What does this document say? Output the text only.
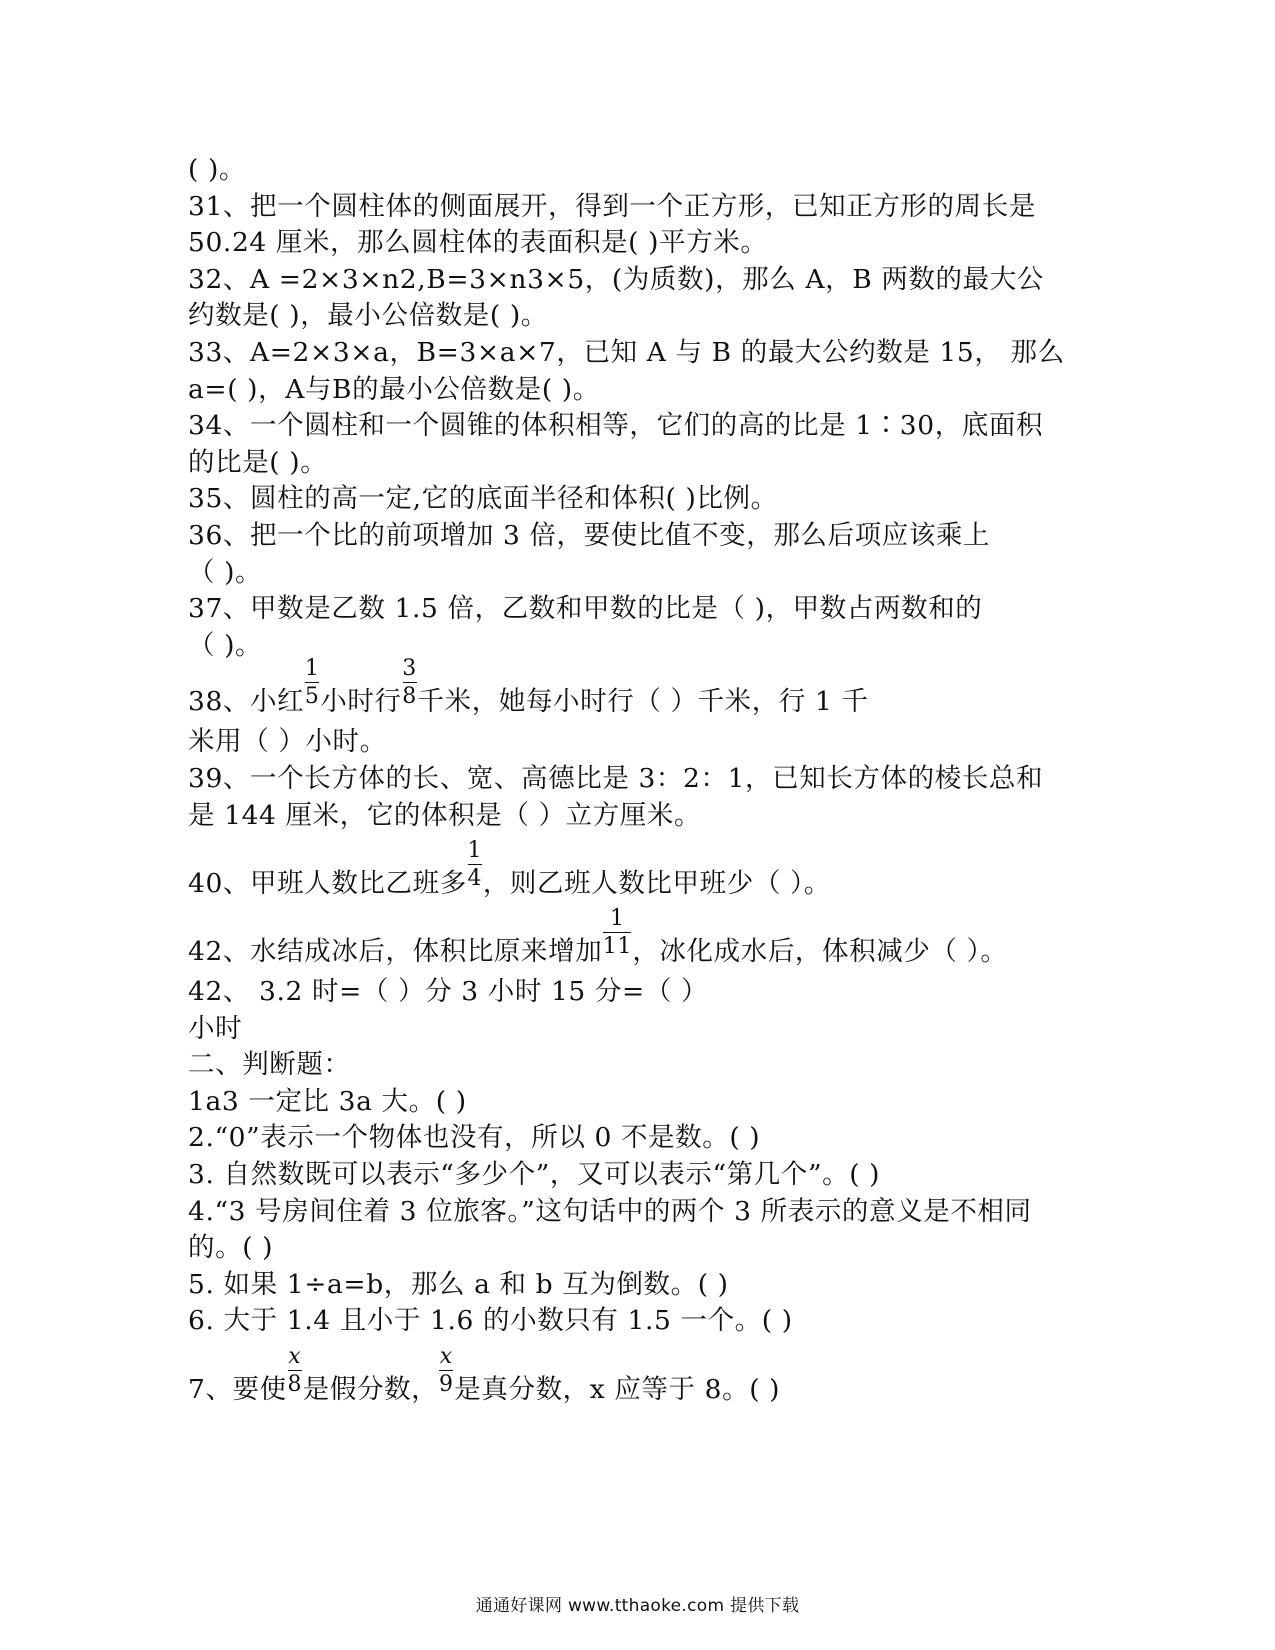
( )。
31、把一个圆柱体的侧面展开，得到一个正方形，已知正方形的周长是
50.24 厘米，那么圆柱体的表面积是( )平方米。
32、A =2×3×n2,B=3×n3×5，(为质数)，那么 A，B 两数的最大公
约数是( )，最小公倍数是( )。
33、A=2×3×a，B=3×a×7，已知 A 与 B 的最大公约数是 15， 那么
a=( )，A与B的最小公倍数是( )。
34、一个圆柱和一个圆锥的体积相等，它们的高的比是 1∶30，底面积
的比是( )。
35、圆柱的高一定,它的底面半径和体积( )比例。
36、把一个比的前项增加 3 倍，要使比值不变，那么后项应该乘上
（ )。
37、甲数是乙数 1.5 倍，乙数和甲数的比是（ )，甲数占两数和的
（ )。
38、小红 $\frac{1}{5}$ 小时行 $\frac{3}{8}$ 千米，她每小时行（ ）千米，行 1 千
米用（ ）小时。
39、一个长方体的长、宽、高德比是 3：2：1，已知长方体的棱长总和
是 144 厘米，它的体积是（ ）立方厘米。
40、甲班人数比乙班多 $\frac{1}{4}$ ，则乙班人数比甲班少（ ）。
42、水结成冰后，体积比原来增加 $\frac{1}{11}$ ，冰化成水后，体积减少（ ）。
42、 3.2 时=（ ）分 3 小时 15 分=（ ）
小时
二、判断题：
1a3 一定比 3a 大。( )
2.“0”表示一个物体也没有，所以 0 不是数。( )
3. 自然数既可以表示“多少个”，又可以表示“第几个”。( )
4.“3 号房间住着 3 位旅客。”这句话中的两个 3 所表示的意义是不相同
的。( )
5. 如果 1÷a=b，那么 a 和 b 互为倒数。( )
6. 大于 1.4 且小于 1.6 的小数只有 1.5 一个。( )
7、要使 $\frac{x}{8}$ 是假分数， $\frac{x}{9}$ 是真分数，x 应等于 8。( )
通通好课网 www.tthaoke.com 提供下载
